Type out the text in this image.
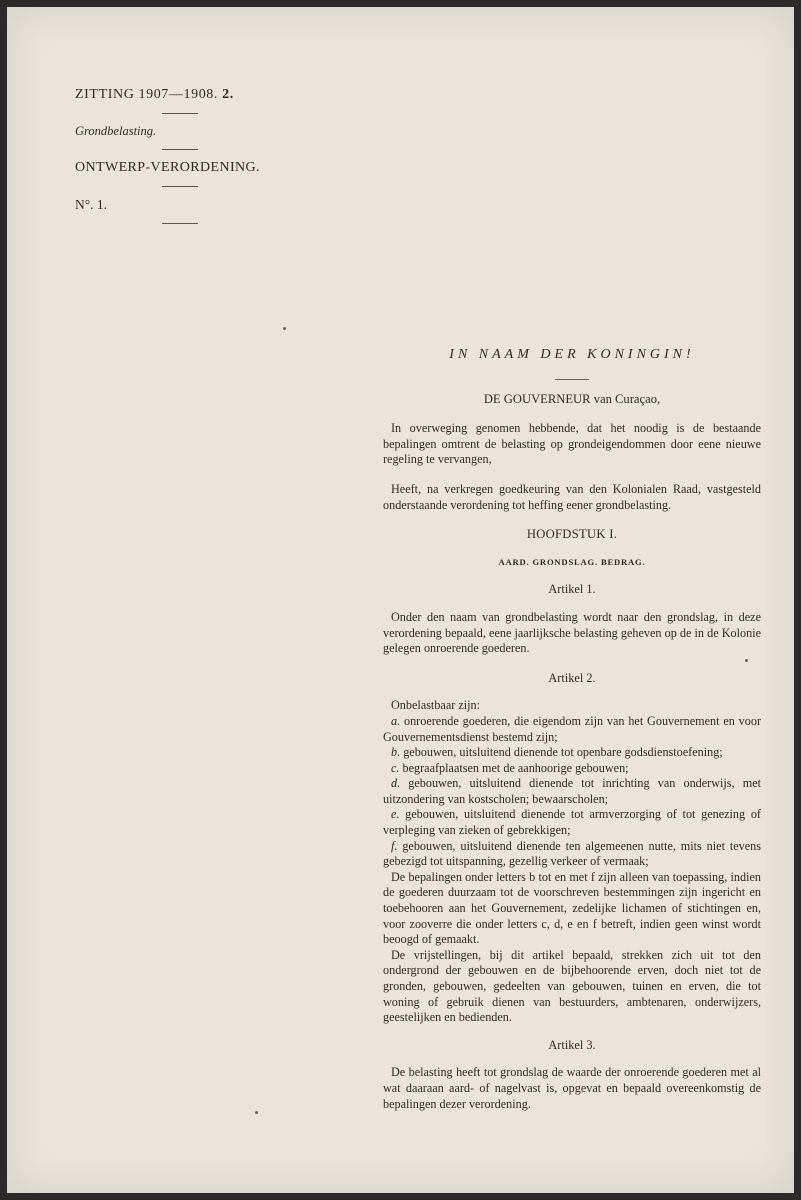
ZITTING 1907—1908. 2.

Grondbelasting.

ONTWERP-VERORDENING.

N°. 1.

IN NAAM DER KONINGIN!

DE GOUVERNEUR van Curaçao,

In overweging genomen hebbende, dat het noodig is de bestaande bepalingen omtrent de belasting op grondeigendommen door eene nieuwe regeling te vervangen,

Heeft, na verkregen goedkeuring van den Kolonialen Raad, vastgesteld onderstaande verordening tot heffing eener grondbelasting.

HOOFDSTUK I.

AARD. GRONDSLAG. BEDRAG.

Artikel 1.

Onder den naam van grondbelasting wordt naar den grondslag, in deze verordening bepaald, eene jaarlijksche belasting geheven op de in de Kolonie gelegen onroerende goederen.

Artikel 2.

Onbelastbaar zijn:

a. onroerende goederen, die eigendom zijn van het Gouvernement en voor Gouvernementsdienst bestemd zijn;

b. gebouwen, uitsluitend dienende tot openbare godsdienstoefening;

c. begraafplaatsen met de aanhoorige gebouwen;

d. gebouwen, uitsluitend dienende tot inrichting van onderwijs, met uitzondering van kostscholen; bewaarscholen;

e. gebouwen, uitsluitend dienende tot armverzorging of tot genezing of verpleging van zieken of gebrekkigen;

f. gebouwen, uitsluitend dienende ten algemeenen nutte, mits niet tevens gebezigd tot uitspanning, gezellig verkeer of vermaak;

De bepalingen onder letters b tot en met f zijn alleen van toepassing, indien de goederen duurzaam tot de voorschreven bestemmingen zijn ingericht en toebehooren aan het Gouvernement, zedelijke lichamen of stichtingen en, voor zooverre die onder letters c, d, e en f betreft, indien geen winst wordt beoogd of gemaakt.

De vrijstellingen, bij dit artikel bepaald, strekken zich uit tot den ondergrond der gebouwen en de bijbehoorende erven, doch niet tot de gronden, gebouwen, gedeelten van gebouwen, tuinen en erven, die tot woning of gebruik dienen van bestuurders, ambtenaren, onderwijzers, geestelijken en bedienden.

Artikel 3.

De belasting heeft tot grondslag de waarde der onroerende goederen met al wat daaraan aard- of nagelvast is, opgevat en bepaald overeenkomstig de bepalingen dezer verordening.
